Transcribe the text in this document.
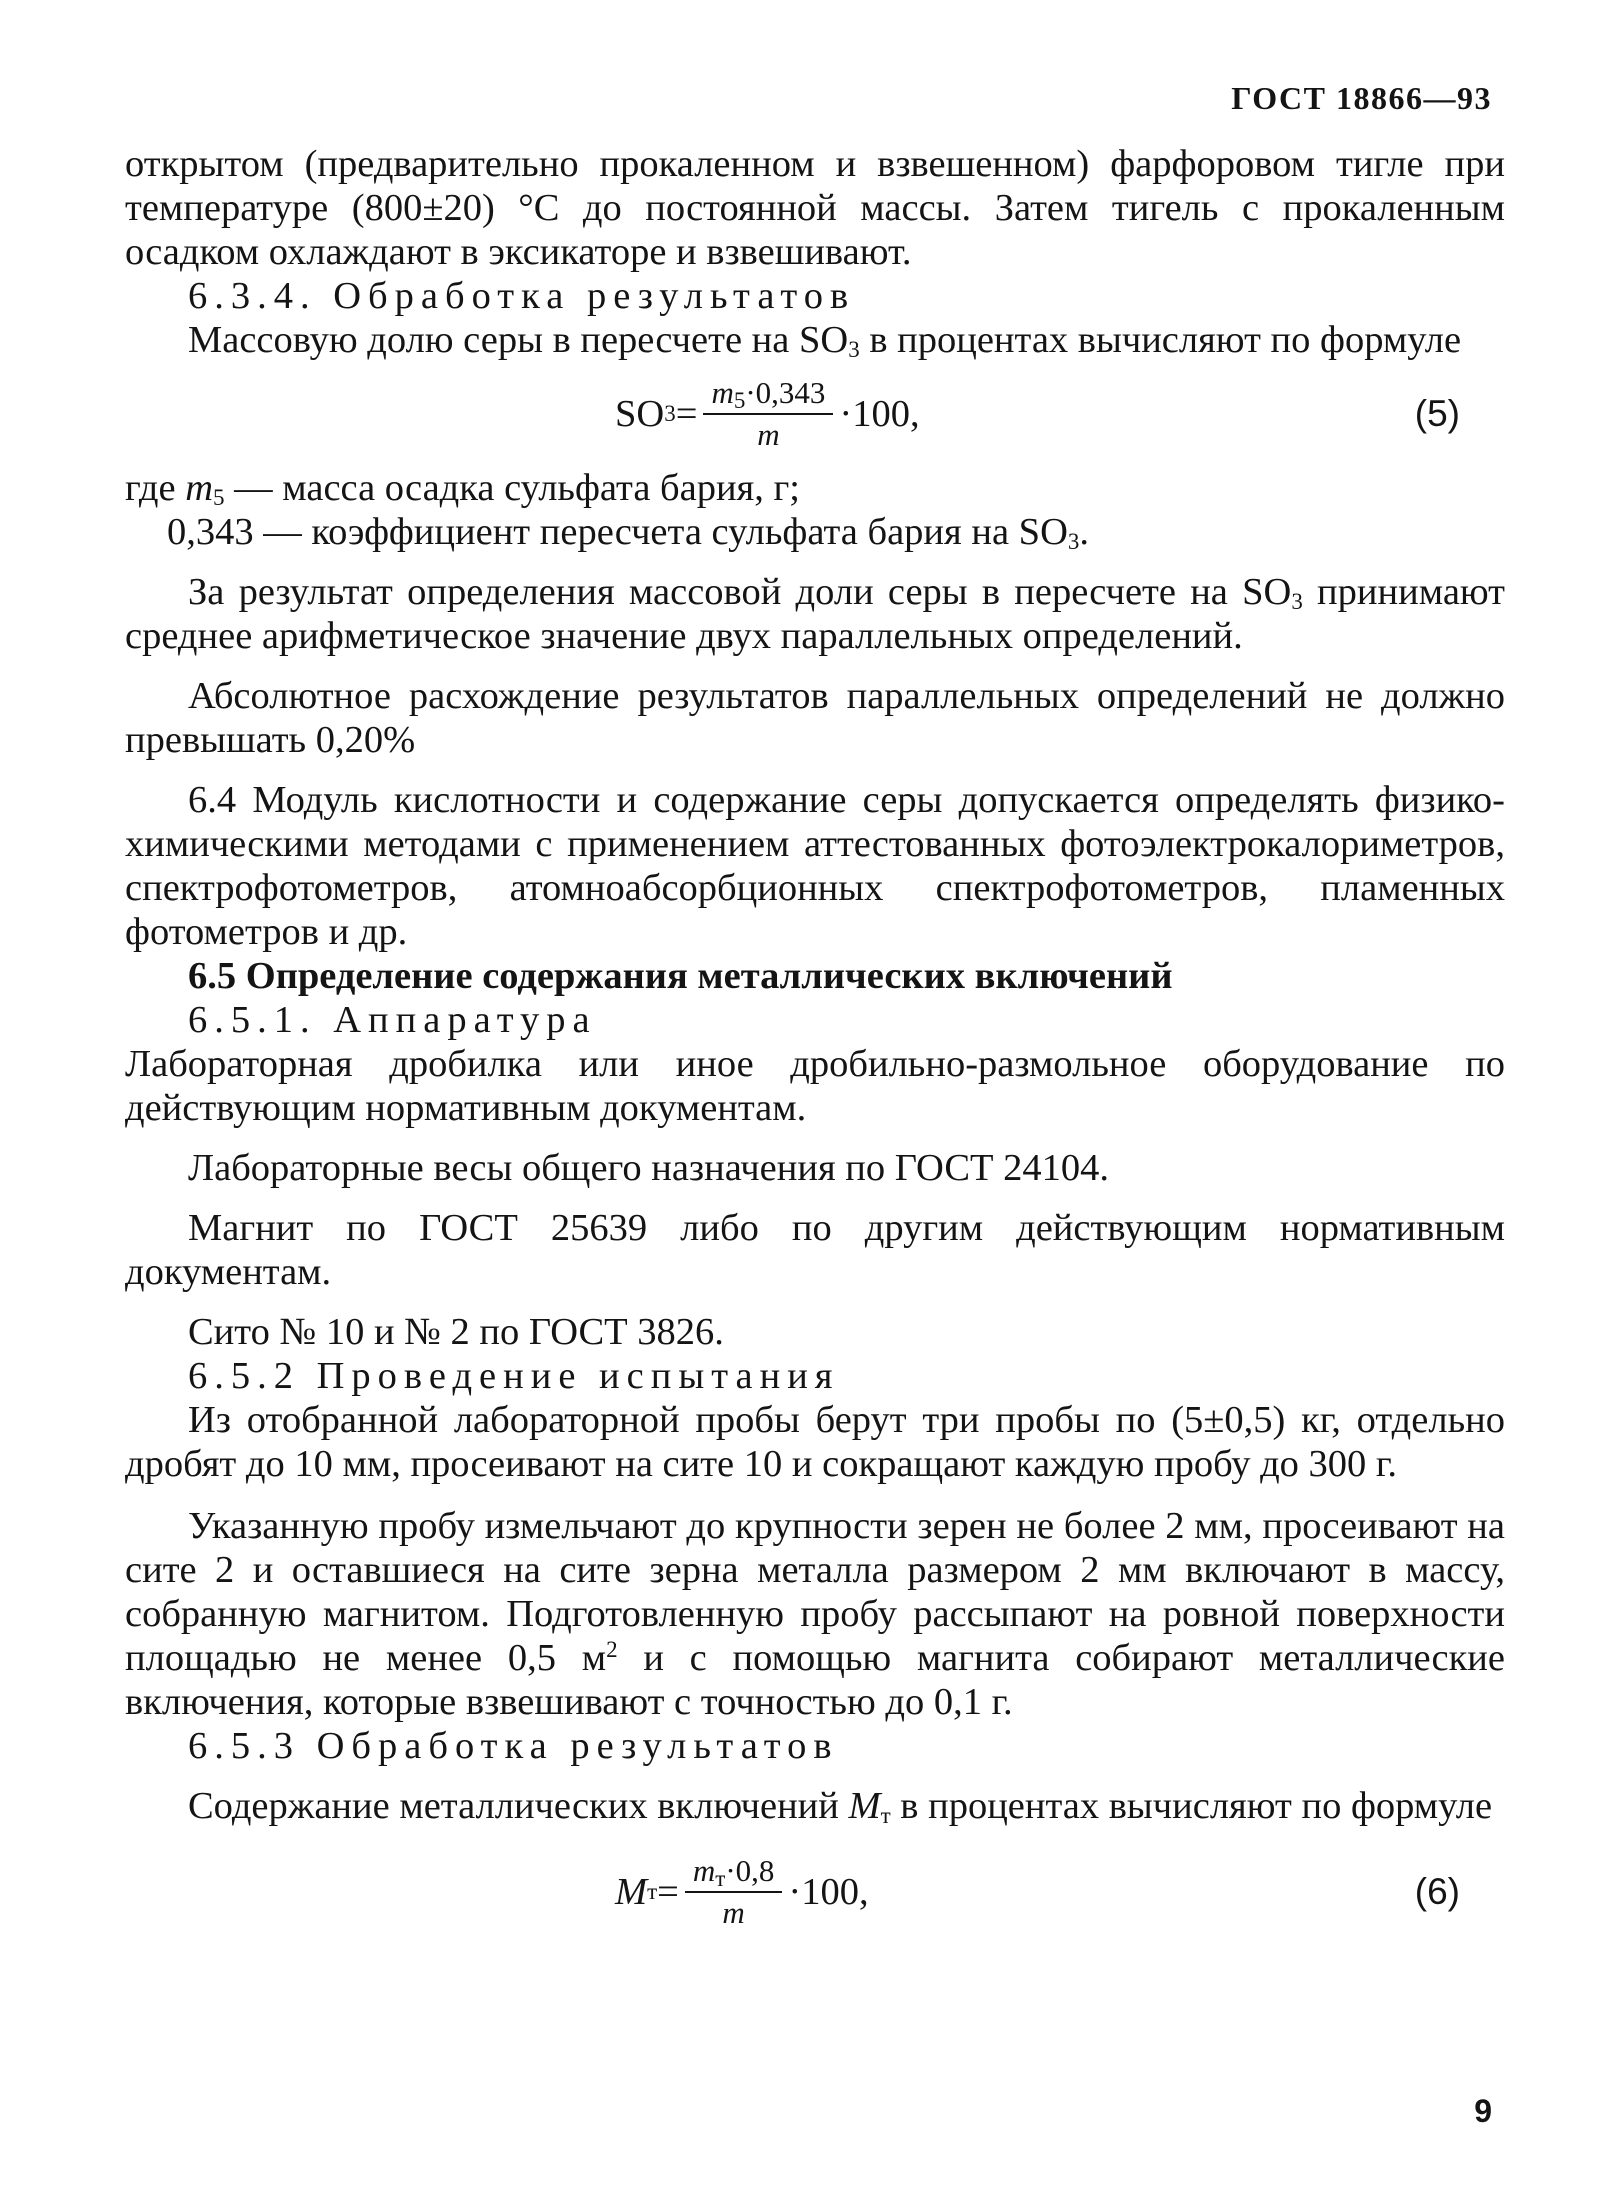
ГОСТ 18866—93

открытом (предварительно прокаленном и взвешенном) фарфоровом тигле при температуре (800±20) °С до постоянной массы. Затем тигель с прокаленным осадком охлаждают в эксикаторе и взвешивают.

6.3.4. Обработка результатов

Массовую долю серы в пересчете на $SO_3$ в процентах вычисляют по формуле

SO $3 = \frac{m_5\cdot 0,343}{m} \cdot 100$,	(5)

где $m_5$ — масса осадка сульфата бария, г;

0,343 — коэффициент пересчета сульфата бария на $SO_3$.

За результат определения массовой доли серы в пересчете на $SO_3$ принимают среднее арифметическое значение двух параллельных определений.

Абсолютное расхождение результатов параллельных определений не должно превышать 0,20%

6.4 Модуль кислотности и содержание серы допускается определять физико-химическими методами с применением аттестованных фотоэлектрокалориметров, спектрофотометров, атомноабсорбционных спектрофотометров, пламенных фотометров и др.

6.5 Определение содержания металлических включений

6.5.1. Аппаратура

Лабораторная дробилка или иное дробильно-размольное оборудование по действующим нормативным документам.

Лабораторные весы общего назначения по ГОСТ 24104.

Магнит по ГОСТ 25639 либо по другим действующим нормативным документам.

Сито № 10 и № 2 по ГОСТ 3826.

6.5.2 Проведение испытания

Из отобранной лабораторной пробы берут три пробы по (5±0,5) кг, отдельно дробят до 10 мм, просеивают на сите 10 и сокращают каждую пробу до 300 г.

Указанную пробу измельчают до крупности зерен не более 2 мм, просеивают на сите 2 и оставшиеся на сите зерна металла размером 2 мм включают в массу, собранную магнитом. Подготовленную пробу рассыпают на ровной поверхности площадью не менее 0,5 $м^2$ и с помощью магнита собирают металлические включения, которые взвешивают с точностью до 0,1 г.

6.5.3 Обработка результатов

Содержание металлических включений $M_т$ в процентах вычисляют по формуле

M $т = \frac{m_т\cdot 0,8}{m} \cdot 100$,	(6)
9
